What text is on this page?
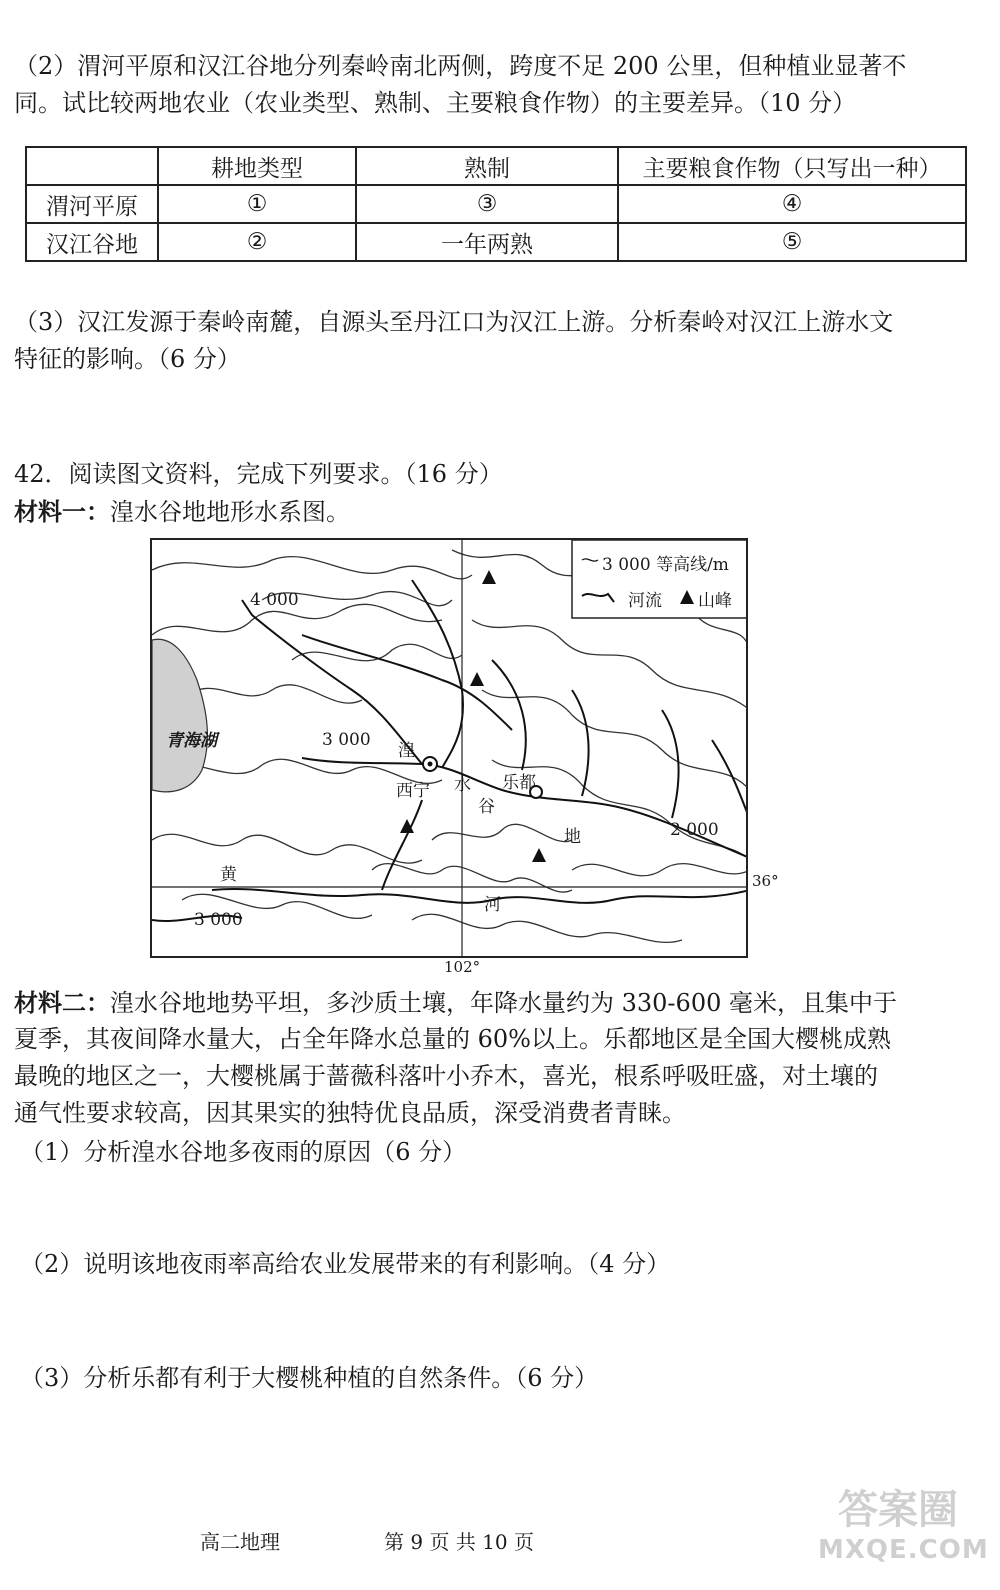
（2）渭河平原和汉江谷地分列秦岭南北两侧，跨度不足 200 公里，但种植业显著不

同。试比较两地农业（农业类型、熟制、主要粮食作物）的主要差异。（10 分）

	耕地类型	熟制	主要粮食作物（只写出一种）
渭河平原	①	③	④
汉江谷地	②	一年两熟	⑤

（3）汉江发源于秦岭南麓，自源头至丹江口为汉江上游。分析秦岭对汉江上游水文

特征的影响。（6 分）

42．阅读图文资料，完成下列要求。（16 分）

材料一：湟水谷地地形水系图。

3 000 等高线/m
河流 山峰
青海湖
4 000
3 000
3 000
2 000
西宁	乐都
湟
水
谷
地
黄
河
36°
102°

材料二：湟水谷地地势平坦，多沙质土壤，年降水量约为 330-600 毫米，且集中于

夏季，其夜间降水量大，占全年降水总量的 60%以上。乐都地区是全国大樱桃成熟

最晚的地区之一，大樱桃属于蔷薇科落叶小乔木，喜光，根系呼吸旺盛，对土壤的

通气性要求较高，因其果实的独特优良品质，深受消费者青睐。

（1）分析湟水谷地多夜雨的原因（6 分）

（2）说明该地夜雨率高给农业发展带来的有利影响。（4 分）

（3）分析乐都有利于大樱桃种植的自然条件。（6 分）

高二地理	第 9 页 共 10 页
答案圈
MXQE.COM
